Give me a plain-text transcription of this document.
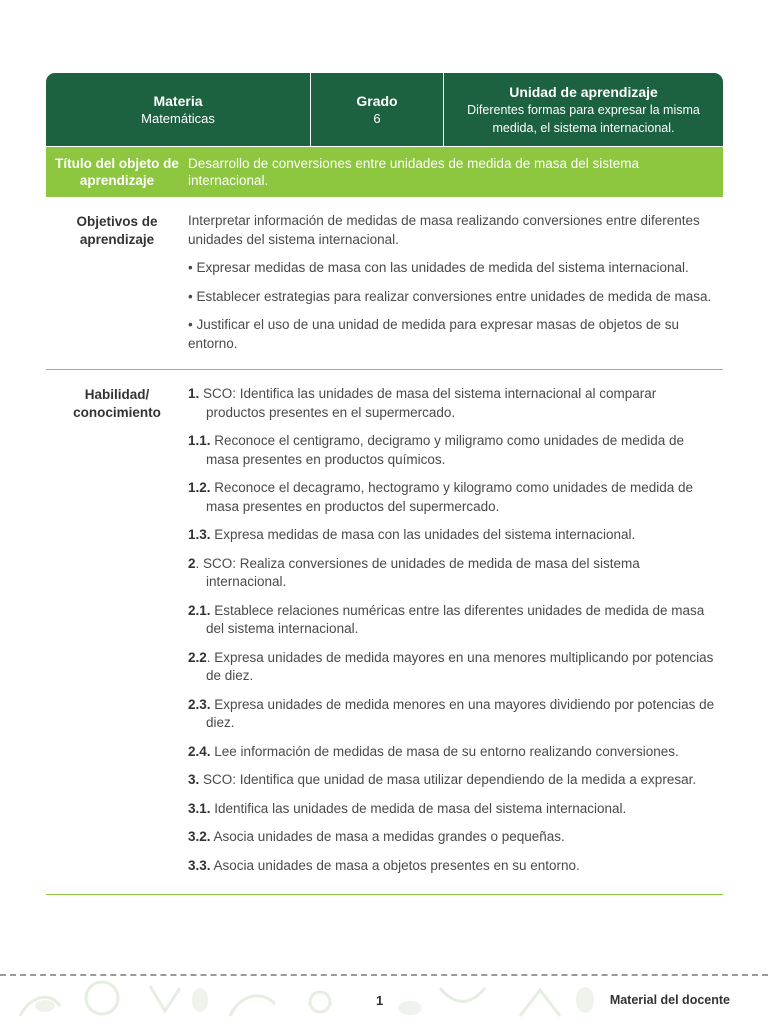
Materia
Matemáticas
Grado
6
Unidad de aprendizaje
Diferentes formas para expresar la misma medida, el sistema internacional.
Título del objeto de aprendizaje
Desarrollo de conversiones entre unidades de medida de masa del sistema internacional.
Objetivos de aprendizaje

Interpretar información de medidas de masa realizando conversiones entre diferentes unidades del sistema internacional.

• Expresar medidas de masa con las unidades de medida del sistema internacional.

• Establecer estrategias para realizar conversiones entre unidades de medida de masa.

• Justificar el uso de una unidad de medida para expresar masas de objetos de su entorno.

Habilidad/ conocimiento

1. SCO: Identifica las unidades de masa del sistema internacional al comparar productos presentes en el supermercado.

1.1. Reconoce el centigramo, decigramo y miligramo como unidades de medida de masa presentes en productos químicos.

1.2. Reconoce el decagramo, hectogramo y kilogramo como unidades de medida de masa presentes en productos del supermercado.

1.3. Expresa medidas de masa con las unidades del sistema internacional.

2. SCO: Realiza conversiones de unidades de medida de masa del sistema internacional.

2.1. Establece relaciones numéricas entre las diferentes unidades de medida de masa del sistema internacional.

2.2. Expresa unidades de medida mayores en una menores multiplicando por potencias de diez.

2.3. Expresa unidades de medida menores en una mayores dividiendo por potencias de diez.

2.4. Lee información de medidas de masa de su entorno realizando conversiones.

3. SCO: Identifica que unidad de masa utilizar dependiendo de la medida a expresar.

3.1. Identifica las unidades de medida de masa del sistema internacional.

3.2. Asocia unidades de masa a medidas grandes o pequeñas.

3.3. Asocia unidades de masa a objetos presentes en su entorno.

1	Material del docente
